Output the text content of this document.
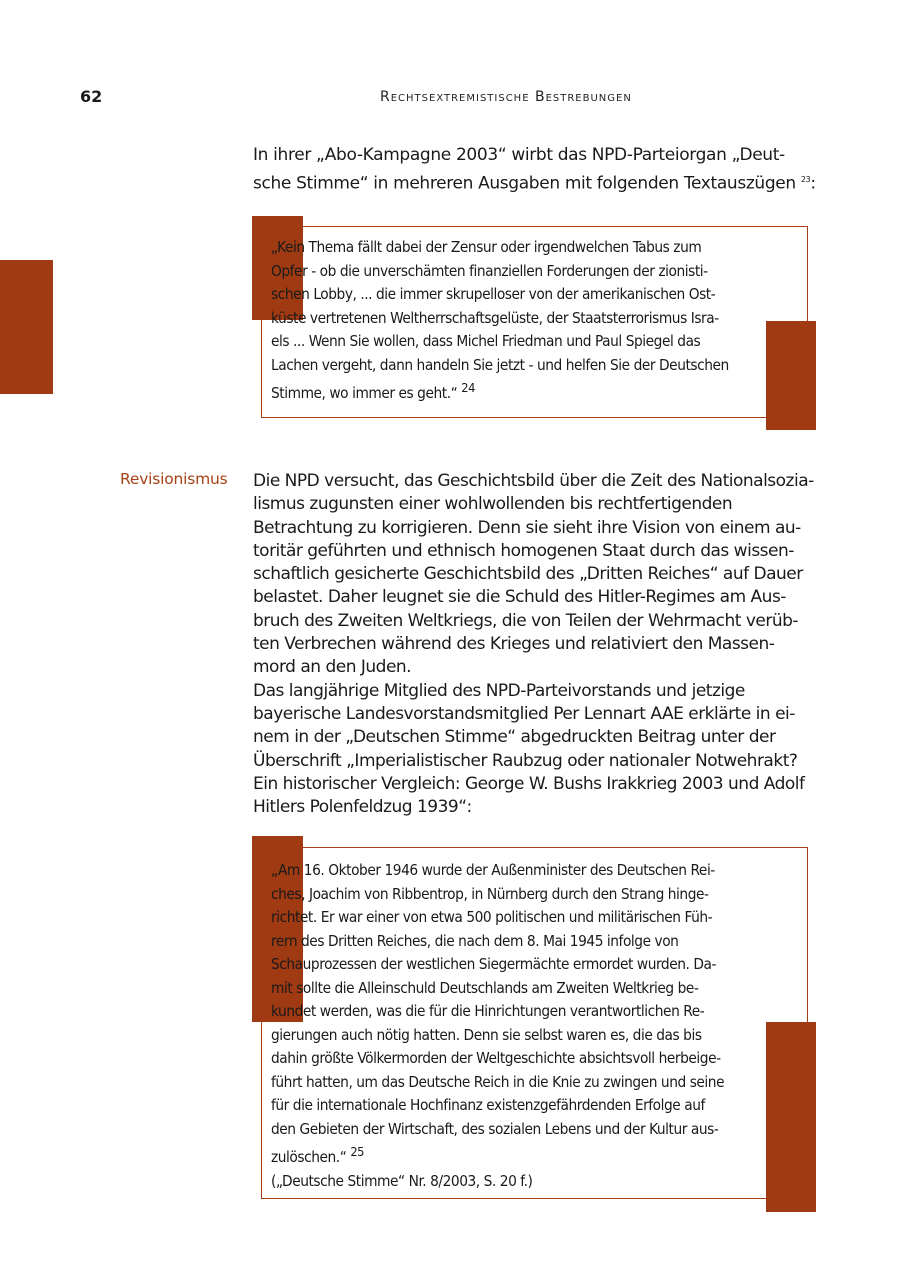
62	Rechtsextremistische Bestrebungen
In ihrer „Abo-Kampagne 2003“ wirbt das NPD-Parteiorgan „Deut-
sche Stimme“ in mehreren Ausgaben mit folgenden Textauszügen $^{23}$:
„Kein Thema fällt dabei der Zensur oder irgendwelchen Tabus zum
Opfer - ob die unverschämten finanziellen Forderungen der zionisti-
schen Lobby, ... die immer skrupelloser von der amerikanischen Ost-
küste vertretenen Weltherrschaftsgelüste, der Staatsterrorismus Isra-
els ... Wenn Sie wollen, dass Michel Friedman und Paul Spiegel das
Lachen vergeht, dann handeln Sie jetzt - und helfen Sie der Deutschen
Stimme, wo immer es geht.“ $^{24}$
Revisionismus Die NPD versucht, das Geschichtsbild über die Zeit des Nationalsozia-
lismus zugunsten einer wohlwollenden bis rechtfertigenden
Betrachtung zu korrigieren. Denn sie sieht ihre Vision von einem au-
toritär geführten und ethnisch homogenen Staat durch das wissen-
schaftlich gesicherte Geschichtsbild des „Dritten Reiches“ auf Dauer
belastet. Daher leugnet sie die Schuld des Hitler-Regimes am Aus-
bruch des Zweiten Weltkriegs, die von Teilen der Wehrmacht verüb-
ten Verbrechen während des Krieges und relativiert den Massen-
mord an den Juden.

Das langjährige Mitglied des NPD-Parteivorstands und jetzige
bayerische Landesvorstandsmitglied Per Lennart AAE erklärte in ei-
nem in der „Deutschen Stimme“ abgedruckten Beitrag unter der
Überschrift „Imperialistischer Raubzug oder nationaler Notwehrakt?
Ein historischer Vergleich: George W. Bushs Irakkrieg 2003 und Adolf
Hitlers Polenfeldzug 1939“:

„Am 16. Oktober 1946 wurde der Außenminister des Deutschen Rei-
ches, Joachim von Ribbentrop, in Nürnberg durch den Strang hinge-
richtet. Er war einer von etwa 500 politischen und militärischen Füh-
rern des Dritten Reiches, die nach dem 8. Mai 1945 infolge von
Schauprozessen der westlichen Siegermächte ermordet wurden. Da-
mit sollte die Alleinschuld Deutschlands am Zweiten Weltkrieg be-
kundet werden, was die für die Hinrichtungen verantwortlichen Re-
gierungen auch nötig hatten. Denn sie selbst waren es, die das bis
dahin größte Völkermorden der Weltgeschichte absichtsvoll herbeige-
führt hatten, um das Deutsche Reich in die Knie zu zwingen und seine
für die internationale Hochfinanz existenzgefährdenden Erfolge auf
den Gebieten der Wirtschaft, des sozialen Lebens und der Kultur aus-
zulöschen.“ $^{25}$
(„Deutsche Stimme“ Nr. 8/2003, S. 20 f.)
